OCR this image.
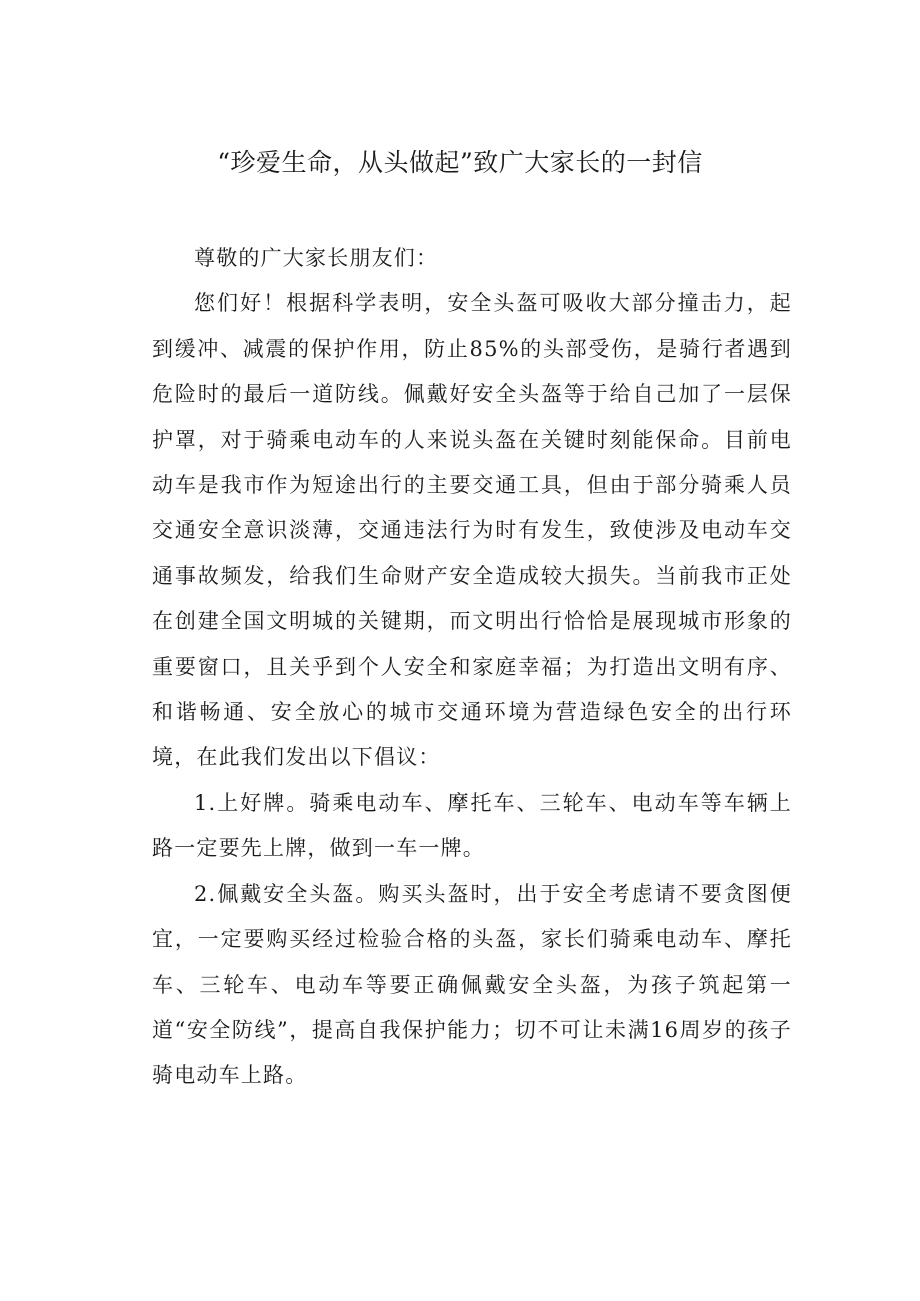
“珍爱生命，从头做起”致广大家长的一封信

尊敬的广大家长朋友们：

您们好！根据科学表明，安全头盔可吸收大部分撞击力，起到缓冲、减震的保护作用，防止85%的头部受伤，是骑行者遇到危险时的最后一道防线。佩戴好安全头盔等于给自己加了一层保护罩，对于骑乘电动车的人来说头盔在关键时刻能保命。目前电动车是我市作为短途出行的主要交通工具，但由于部分骑乘人员交通安全意识淡薄，交通违法行为时有发生，致使涉及电动车交通事故频发，给我们生命财产安全造成较大损失。当前我市正处在创建全国文明城的关键期，而文明出行恰恰是展现城市形象的重要窗口，且关乎到个人安全和家庭幸福；为打造出文明有序、和谐畅通、安全放心的城市交通环境为营造绿色安全的出行环境，在此我们发出以下倡议：

1.上好牌。骑乘电动车、摩托车、三轮车、电动车等车辆上路一定要先上牌，做到一车一牌。

2.佩戴安全头盔。购买头盔时，出于安全考虑请不要贪图便宜，一定要购买经过检验合格的头盔，家长们骑乘电动车、摩托车、三轮车、电动车等要正确佩戴安全头盔，为孩子筑起第一道“安全防线”，提高自我保护能力；切不可让未满16周岁的孩子骑电动车上路。
